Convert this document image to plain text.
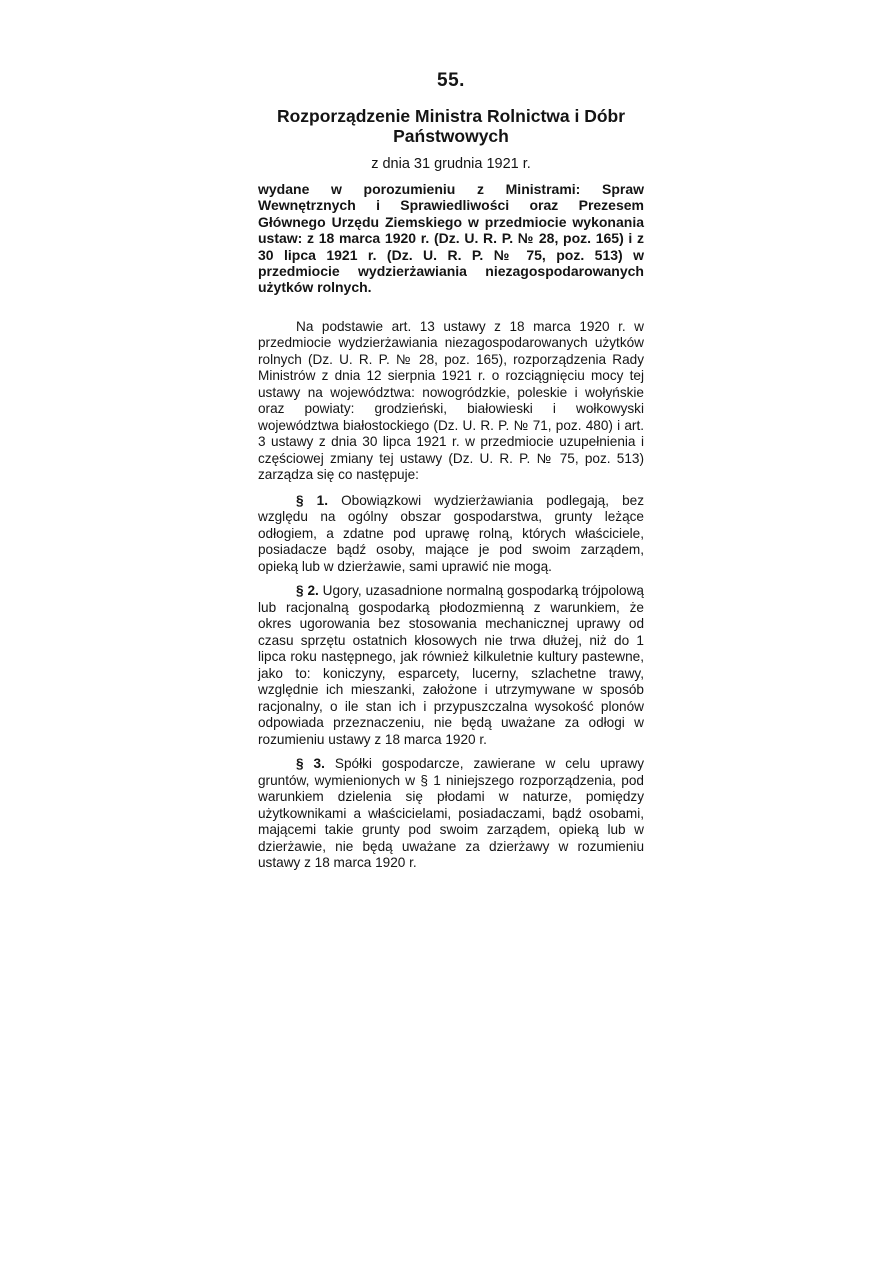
55.
Rozporządzenie Ministra Rolnictwa i Dóbr Państwowych
z dnia 31 grudnia 1921 r.
wydane w porozumieniu z Ministrami: Spraw Wewnętrznych i Sprawiedliwości oraz Prezesem Głównego Urzędu Ziemskiego w przedmiocie wykonania ustaw: z 18 marca 1920 r. (Dz. U. R. P. № 28, poz. 165) i z 30 lipca 1921 r. (Dz. U. R. P. № 75, poz. 513) w przedmiocie wydzierżawiania niezagospodarowanych użytków rolnych.

Na podstawie art. 13 ustawy z 18 marca 1920 r. w przedmiocie wydzierżawiania niezagospodarowanych użytków rolnych (Dz. U. R. P. № 28, poz. 165), rozporządzenia Rady Ministrów z dnia 12 sierpnia 1921 r. o rozciągnięciu mocy tej ustawy na województwa: nowogródzkie, poleskie i wołyńskie oraz powiaty: grodzieński, białowieski i wołkowyski województwa białostockiego (Dz. U. R. P. № 71, poz. 480) i art. 3 ustawy z dnia 30 lipca 1921 r. w przedmiocie uzupełnienia i częściowej zmiany tej ustawy (Dz. U. R. P. № 75, poz. 513) zarządza się co następuje:

§ 1. Obowiązkowi wydzierżawiania podlegają, bez względu na ogólny obszar gospodarstwa, grunty leżące odłogiem, a zdatne pod uprawę rolną, których właściciele, posiadacze bądź osoby, mające je pod swoim zarządem, opieką lub w dzierżawie, sami uprawić nie mogą.

§ 2. Ugory, uzasadnione normalną gospodarką trójpolową lub racjonalną gospodarką płodozmienną z warunkiem, że okres ugorowania bez stosowania mechanicznej uprawy od czasu sprzętu ostatnich kłosowych nie trwa dłużej, niż do 1 lipca roku następnego, jak również kilkuletnie kultury pastewne, jako to: koniczyny, esparcety, lucerny, szlachetne trawy, względnie ich mieszanki, założone i utrzymywane w sposób racjonalny, o ile stan ich i przypuszczalna wysokość plonów odpowiada przeznaczeniu, nie będą uważane za odłogi w rozumieniu ustawy z 18 marca 1920 r.

§ 3. Spółki gospodarcze, zawierane w celu uprawy gruntów, wymienionych w § 1 niniejszego rozporządzenia, pod warunkiem dzielenia się płodami w naturze, pomiędzy użytkownikami a właścicielami, posiadaczami, bądź osobami, mającemi takie grunty pod swoim zarządem, opieką lub w dzierżawie, nie będą uważane za dzierżawy w rozumieniu ustawy z 18 marca 1920 r.
